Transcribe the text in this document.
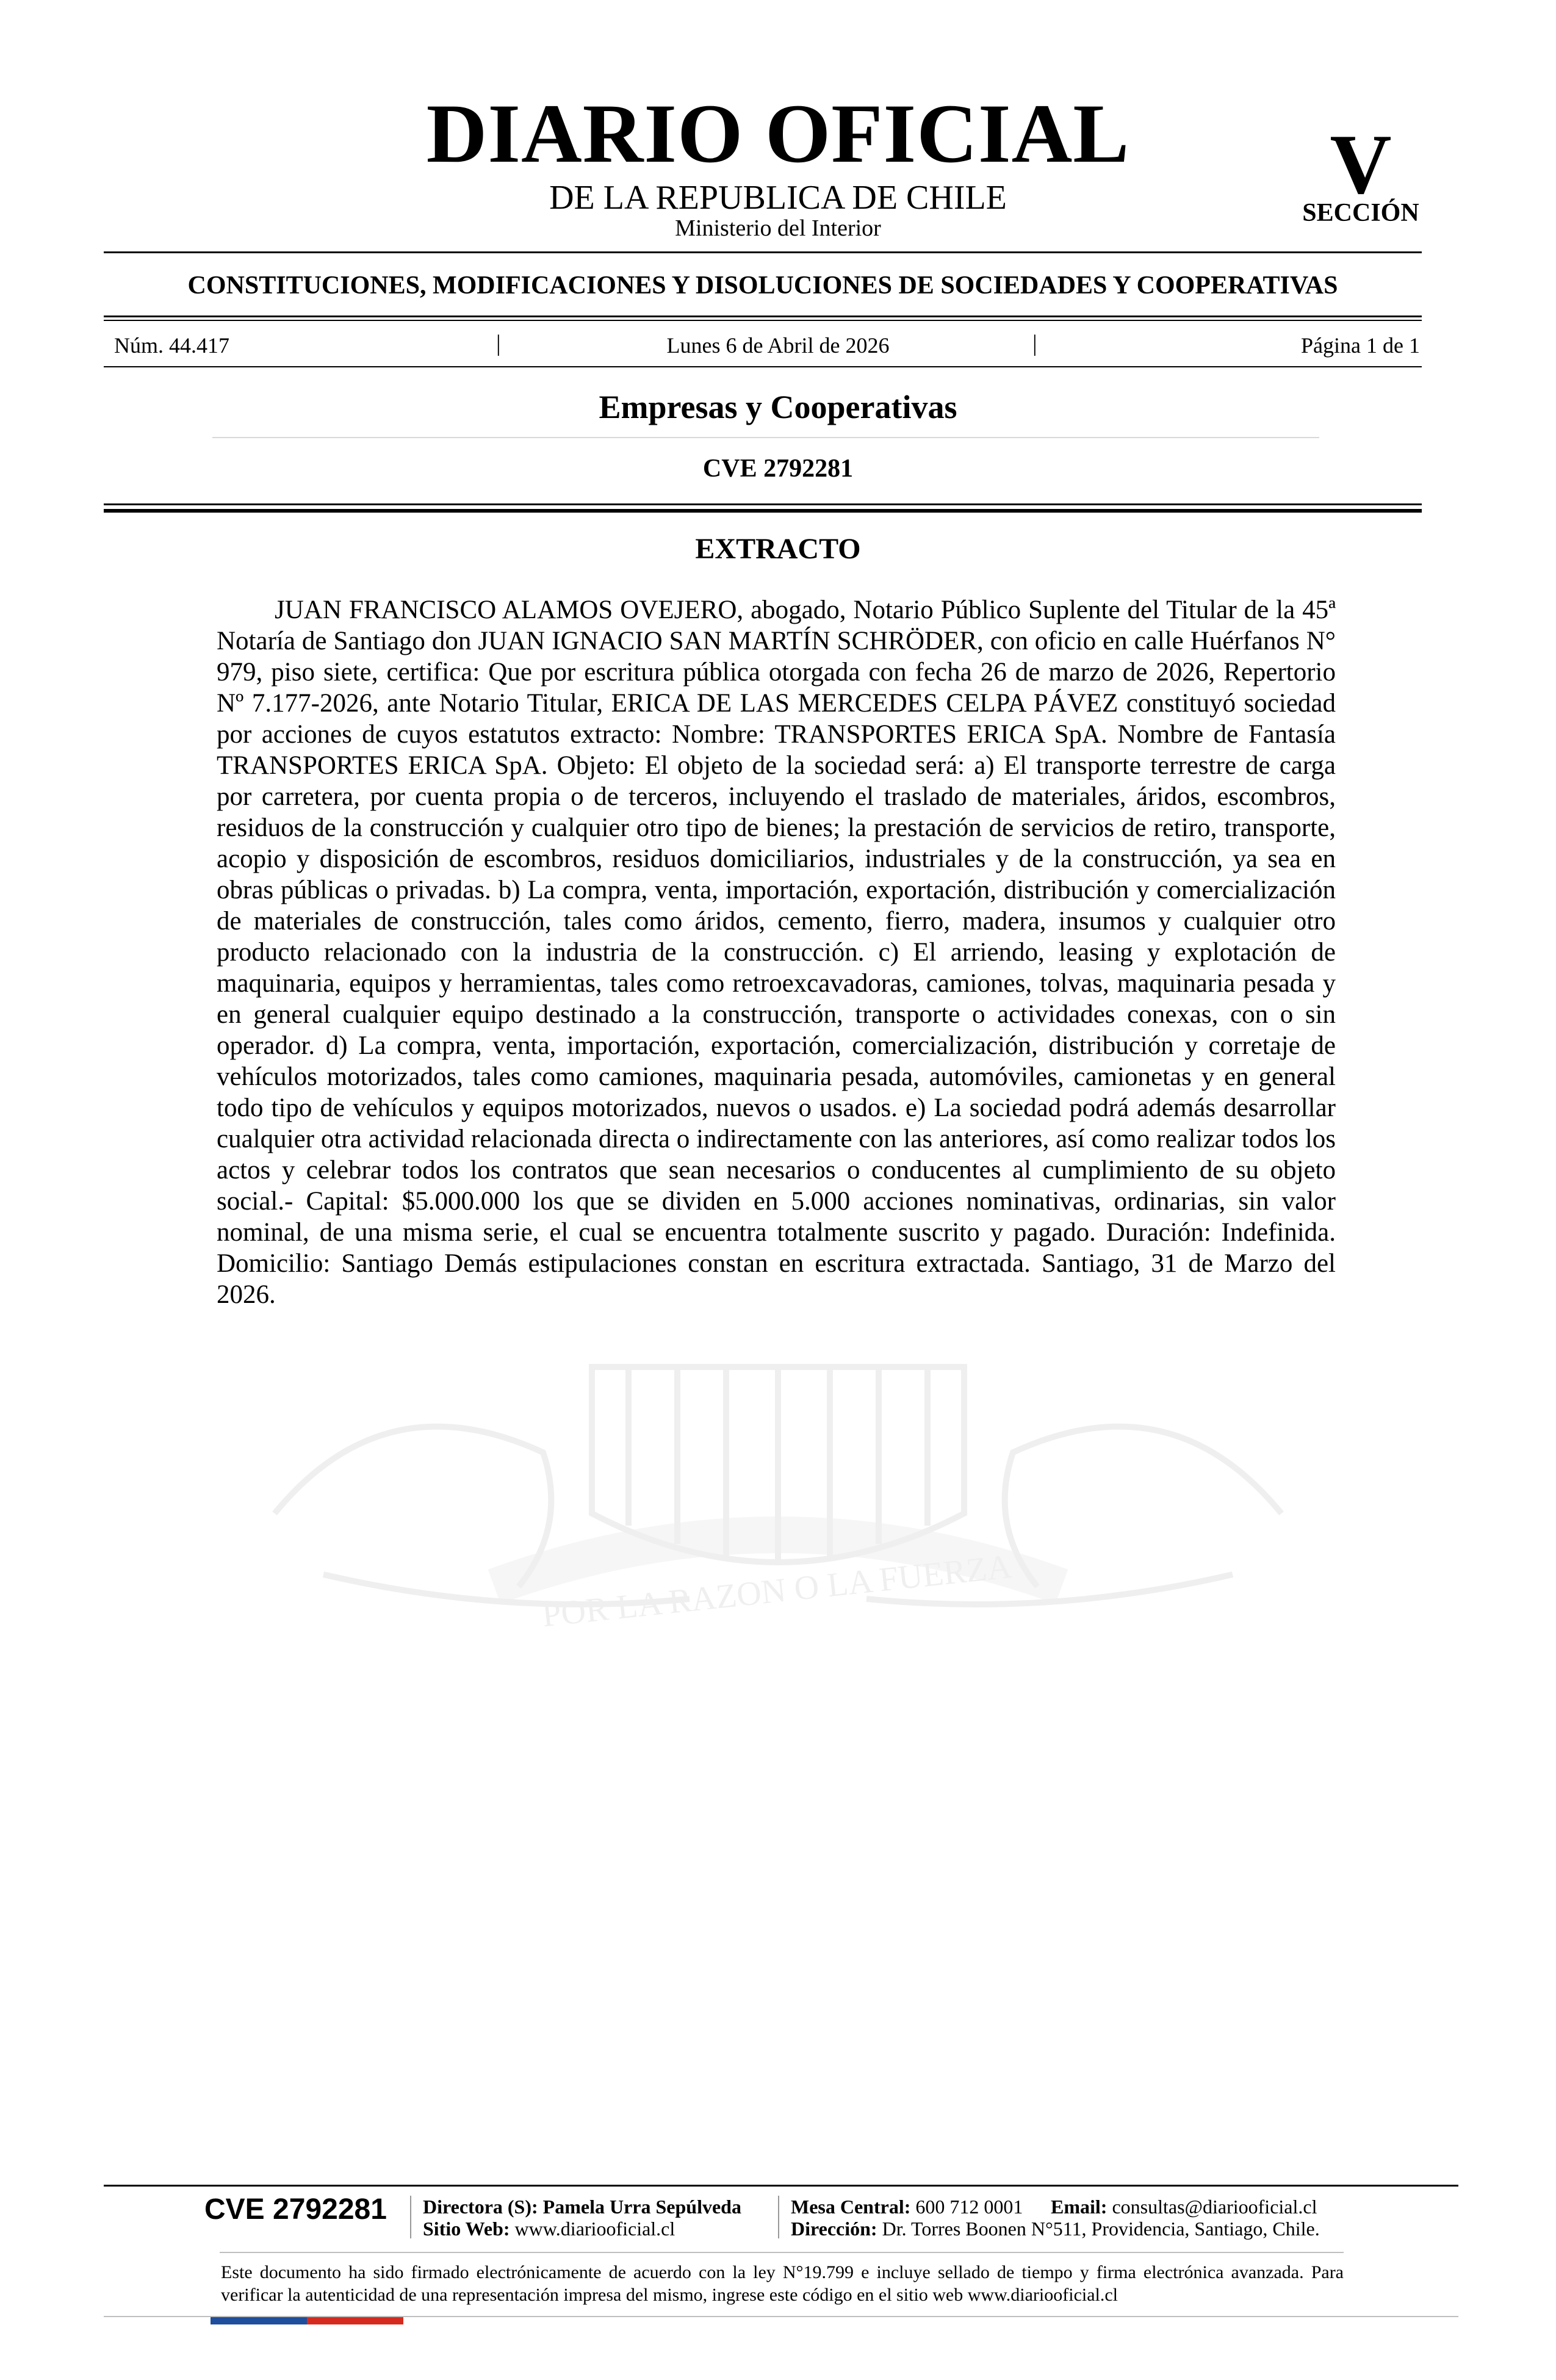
DIARIO OFICIAL
DE LA REPUBLICA DE CHILE
Ministerio del Interior
V
SECCIÓN
CONSTITUCIONES, MODIFICACIONES Y DISOLUCIONES DE SOCIEDADES Y COOPERATIVAS
Núm. 44.417	|	Lunes 6 de Abril de 2026	|	Página 1 de 1
Empresas y Cooperativas
CVE 2792281
POR LA RAZON O LA FUERZA
EXTRACTO
JUAN FRANCISCO ALAMOS OVEJERO, abogado, Notario Público Suplente del Titular de la 45ª Notaría de Santiago don JUAN IGNACIO SAN MARTÍN SCHRÖDER, con oficio en calle Huérfanos N° 979, piso siete, certifica: Que por escritura pública otorgada con fecha 26 de marzo de 2026, Repertorio Nº 7.177-2026, ante Notario Titular, ERICA DE LAS MERCEDES CELPA PÁVEZ constituyó sociedad por acciones de cuyos estatutos extracto: Nombre: TRANSPORTES ERICA SpA. Nombre de Fantasía TRANSPORTES ERICA SpA. Objeto: El objeto de la sociedad será: a) El transporte terrestre de carga por carretera, por cuenta propia o de terceros, incluyendo el traslado de materiales, áridos, escombros, residuos de la construcción y cualquier otro tipo de bienes; la prestación de servicios de retiro, transporte, acopio y disposición de escombros, residuos domiciliarios, industriales y de la construcción, ya sea en obras públicas o privadas. b) La compra, venta, importación, exportación, distribución y comercialización de materiales de construcción, tales como áridos, cemento, fierro, madera, insumos y cualquier otro producto relacionado con la industria de la construcción. c) El arriendo, leasing y explotación de maquinaria, equipos y herramientas, tales como retroexcavadoras, camiones, tolvas, maquinaria pesada y en general cualquier equipo destinado a la construcción, transporte o actividades conexas, con o sin operador. d) La compra, venta, importación, exportación, comercialización, distribución y corretaje de vehículos motorizados, tales como camiones, maquinaria pesada, automóviles, camionetas y en general todo tipo de vehículos y equipos motorizados, nuevos o usados. e) La sociedad podrá además desarrollar cualquier otra actividad relacionada directa o indirectamente con las anteriores, así como realizar todos los actos y celebrar todos los contratos que sean necesarios o conducentes al cumplimiento de su objeto social.- Capital: $5.000.000 los que se dividen en 5.000 acciones nominativas, ordinarias, sin valor nominal, de una misma serie, el cual se encuentra totalmente suscrito y pagado. Duración: Indefinida. Domicilio: Santiago Demás estipulaciones constan en escritura extractada. Santiago, 31 de Marzo del 2026.
CVE 2792281 Directora (S): Pamela Urra Sepúlveda
Sitio Web: www.diariooficial.cl
Mesa Central: 600 712 0001 Email: consultas@diariooficial.cl
Dirección: Dr. Torres Boonen N°511, Providencia, Santiago, Chile.
Este documento ha sido firmado electrónicamente de acuerdo con la ley N°19.799 e incluye sellado de tiempo y firma electrónica avanzada. Para verificar la autenticidad de una representación impresa del mismo, ingrese este código en el sitio web www.diariooficial.cl
